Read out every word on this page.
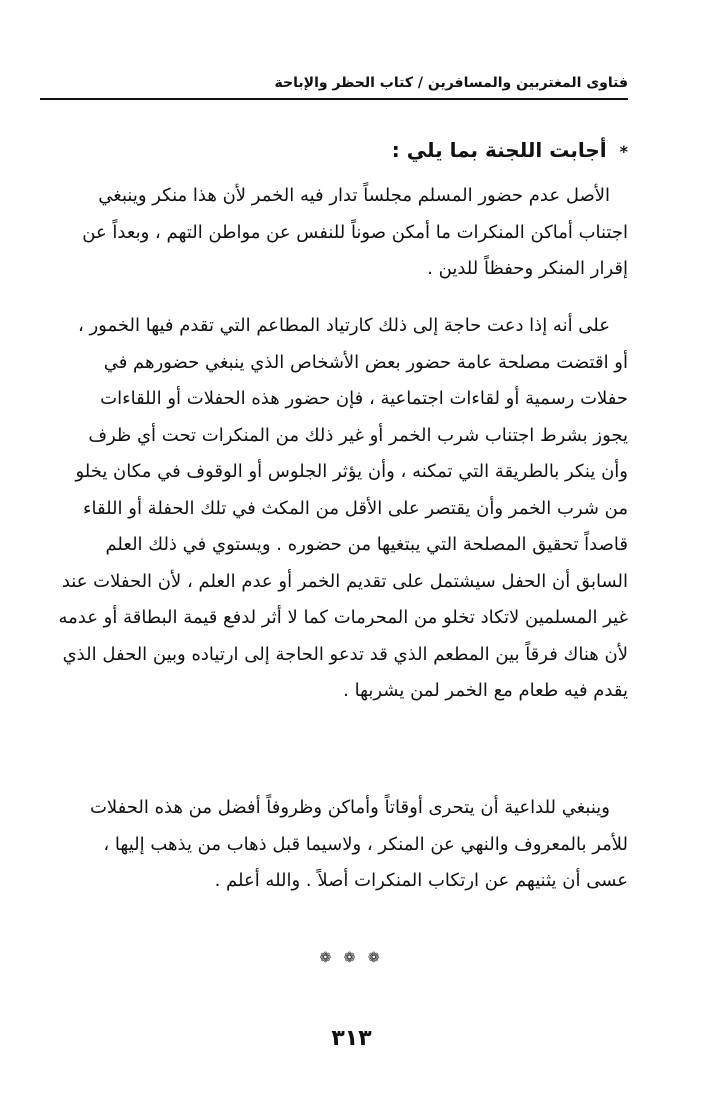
فتاوى المغتربين والمسافرين / كتاب الحظر والإباحة
* أجابت اللجنة بما يلي :
الأصل عدم حضور المسلم مجلساً تدار فيه الخمر لأن هذا منكر وينبغي
اجتناب أماكن المنكرات ما أمكن صوناً للنفس عن مواطن التهم ، وبعداً عن
إقرار المنكر وحفظاً للدين .
على أنه إذا دعت حاجة إلى ذلك كارتياد المطاعم التي تقدم فيها الخمور ،
أو اقتضت مصلحة عامة حضور بعض الأشخاص الذي ينبغي حضورهم في
حفلات رسمية أو لقاءات اجتماعية ، فإن حضور هذه الحفلات أو اللقاءات
يجوز بشرط اجتناب شرب الخمر أو غير ذلك من المنكرات تحت أي ظرف
وأن ينكر بالطريقة التي تمكنه ، وأن يؤثر الجلوس أو الوقوف في مكان يخلو
من شرب الخمر وأن يقتصر على الأقل من المكث في تلك الحفلة أو اللقاء
قاصداً تحقيق المصلحة التي يبتغيها من حضوره . ويستوي في ذلك العلم
السابق أن الحفل سيشتمل على تقديم الخمر أو عدم العلم ، لأن الحفلات عند
غير المسلمين لاتكاد تخلو من المحرمات كما لا أثر لدفع قيمة البطاقة أو عدمه
لأن هناك فرقاً بين المطعم الذي قد تدعو الحاجة إلى ارتياده وبين الحفل الذي
يقدم فيه طعام مع الخمر لمن يشربها .
وينبغي للداعية أن يتحرى أوقاتاً وأماكن وظروفاً أفضل من هذه الحفلات
للأمر بالمعروف والنهي عن المنكر ، ولاسيما قبل ذهاب من يذهب إليها ،
عسى أن يثنيهم عن ارتكاب المنكرات أصلاً . والله أعلم .
❁ ❁ ❁
٣١٣
